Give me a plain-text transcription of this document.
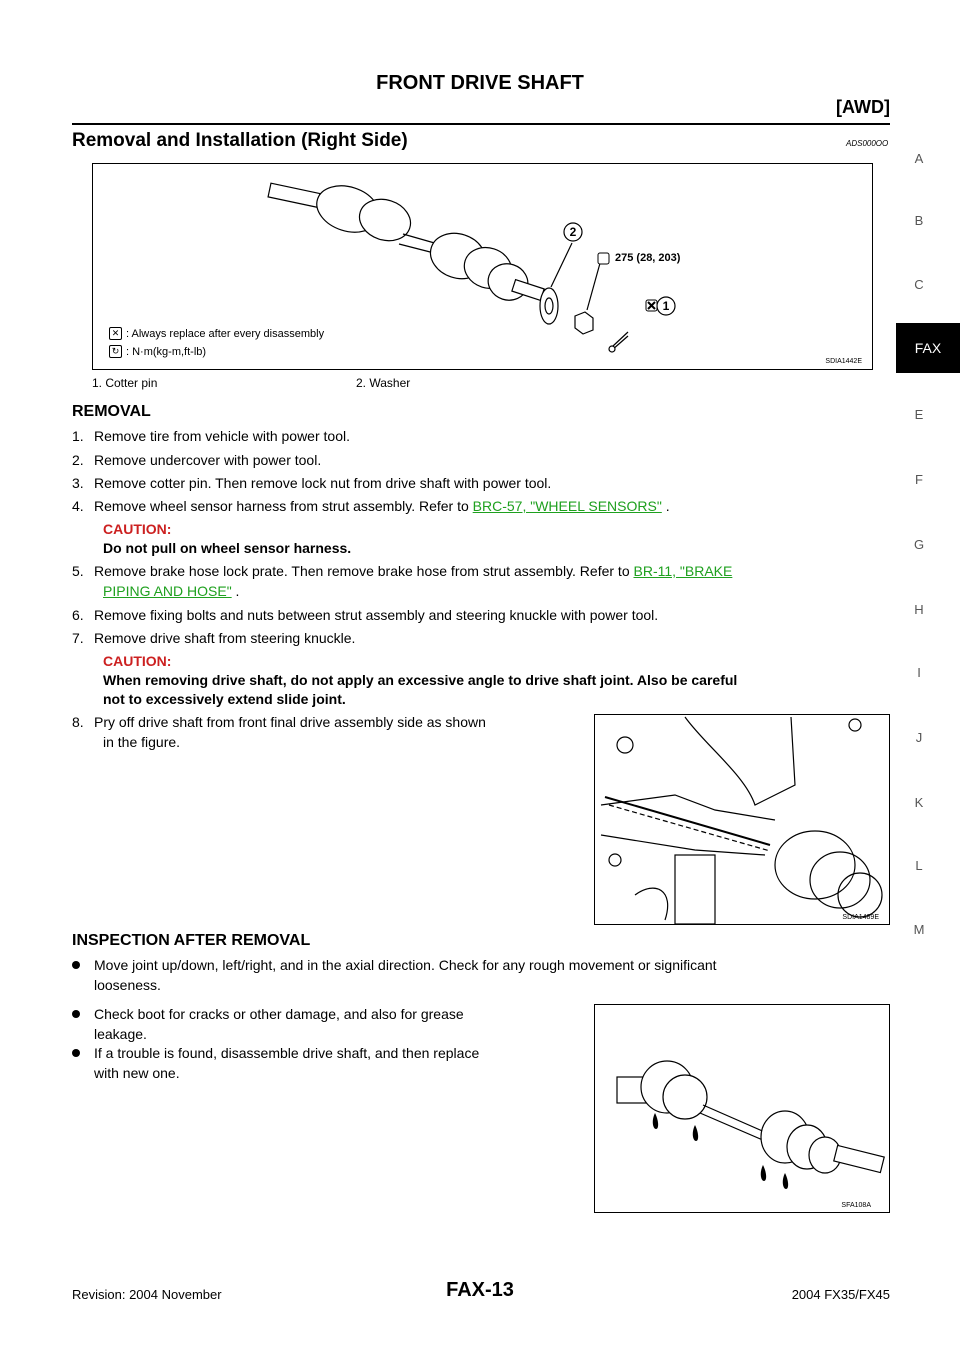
FRONT DRIVE SHAFT
[AWD]
Removal and Installation (Right Side)	ADS000OO
2
1
275 (28, 203)
✕ : Always replace after every disassembly
↻ : N·m(kg-m,ft-lb)
SDIA1442E
1. Cotter pin	2. Washer
REMOVAL
1. Remove tire from vehicle with power tool.
2. Remove undercover with power tool.
3. Remove cotter pin. Then remove lock nut from drive shaft with power tool.
4. Remove wheel sensor harness from strut assembly. Refer to BRC-57, "WHEEL SENSORS" .
CAUTION:
Do not pull on wheel sensor harness.
5. Remove brake hose lock prate. Then remove brake hose from strut assembly. Refer to BR-11, "BRAKE
PIPING AND HOSE" .
6. Remove fixing bolts and nuts between strut assembly and steering knuckle with power tool.
7. Remove drive shaft from steering knuckle.
CAUTION:
When removing drive shaft, do not apply an excessive angle to drive shaft joint. Also be careful
not to excessively extend slide joint.
8. Pry off drive shaft from front final drive assembly side as shown
in the figure.
SDIA1489E
INSPECTION AFTER REMOVAL
Move joint up/down, left/right, and in the axial direction. Check for any rough movement or significant
looseness.
Check boot for cracks or other damage, and also for grease
leakage.
If a trouble is found, disassemble drive shaft, and then replace
with new one.
SFA108A
A
B
C
FAX
E
F
G
H
I
J
K
L
M
Revision: 2004 November	FAX-13	2004 FX35/FX45
